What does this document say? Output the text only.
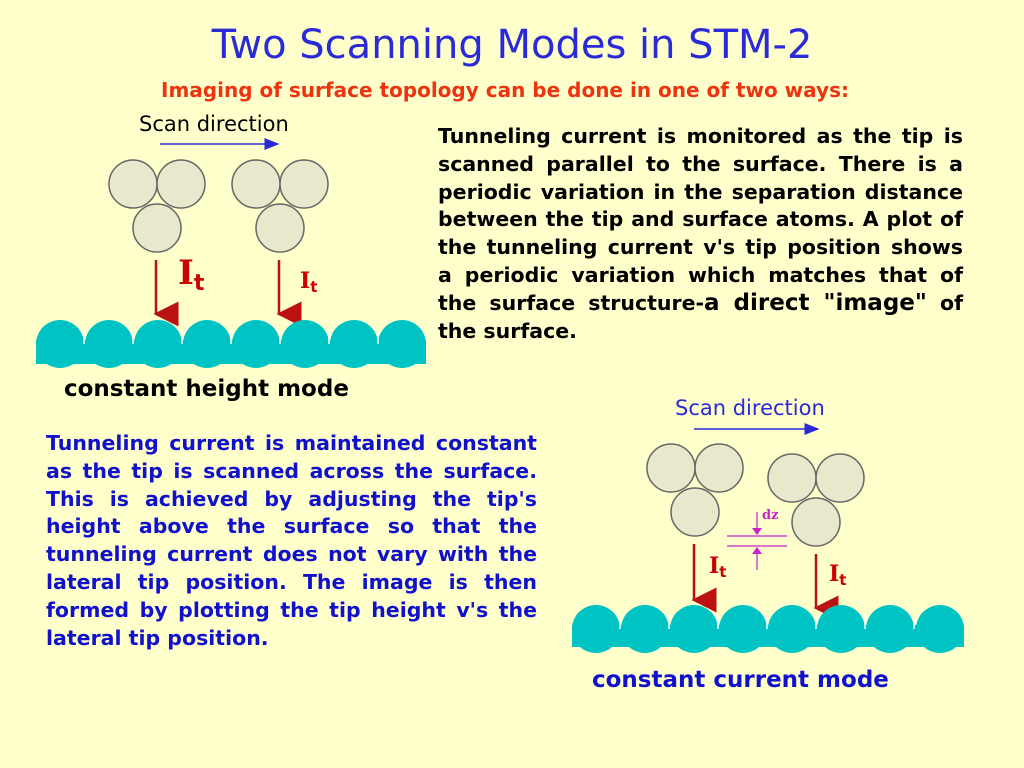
Two Scanning Modes in STM-2
Imaging of surface topology can be done in one of two ways:
Scan direction
Scan direction
It	It
It	It
dz
constant height mode
constant current mode
Tunneling current is monitored as the tip is scanned parallel to the surface. There is a periodic variation in the separation distance between the tip and surface atoms. A plot of the tunneling current v's tip position shows a periodic variation which matches that of the surface structure-a direct "image" of the surface.
Tunneling current is maintained constant as the tip is scanned across the surface. This is achieved by adjusting the tip's height above the surface so that the tunneling current does not vary with the lateral tip position. The image is then formed by plotting the tip height v's the lateral tip position.
